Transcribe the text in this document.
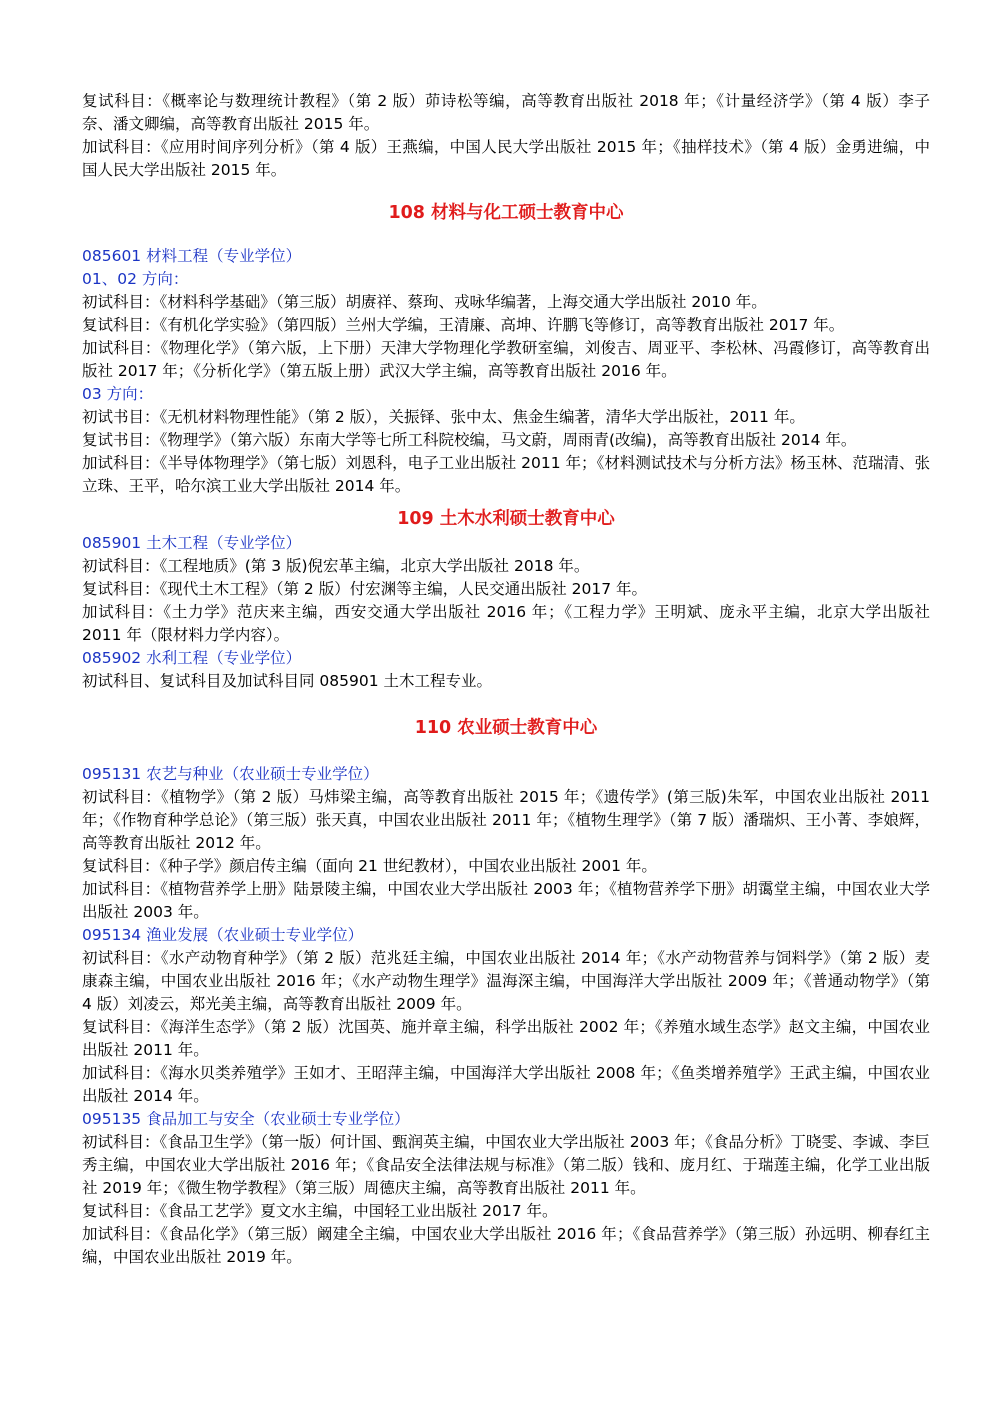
复试科目：《概率论与数理统计教程》（第 2 版）茆诗松等编，高等教育出版社 2018 年；《计量经济学》（第 4 版）李子奈、潘文卿编，高等教育出版社 2015 年。

加试科目：《应用时间序列分析》（第 4 版）王燕编，中国人民大学出版社 2015 年；《抽样技术》（第 4 版）金勇进编，中国人民大学出版社 2015 年。

108 材料与化工硕士教育中心

085601 材料工程（专业学位）

01、02 方向：

初试科目：《材料科学基础》（第三版）胡赓祥、蔡珣、戎咏华编著，上海交通大学出版社 2010 年。

复试科目：《有机化学实验》（第四版）兰州大学编，王清廉、高坤、许鹏飞等修订，高等教育出版社 2017 年。

加试科目：《物理化学》（第六版，上下册）天津大学物理化学教研室编，刘俊吉、周亚平、李松林、冯霞修订，高等教育出版社 2017 年；《分析化学》（第五版上册）武汉大学主编，高等教育出版社 2016 年。

03 方向：

初试书目：《无机材料物理性能》（第 2 版），关振铎、张中太、焦金生编著，清华大学出版社，2011 年。

复试书目：《物理学》（第六版）东南大学等七所工科院校编，马文蔚，周雨青(改编)，高等教育出版社 2014 年。

加试科目：《半导体物理学》（第七版）刘恩科，电子工业出版社 2011 年；《材料测试技术与分析方法》杨玉林、范瑞清、张立珠、王平，哈尔滨工业大学出版社 2014 年。

109 土木水利硕士教育中心

085901 土木工程（专业学位）

初试科目：《工程地质》(第 3 版)倪宏革主编，北京大学出版社 2018 年。

复试科目：《现代土木工程》（第 2 版）付宏渊等主编，人民交通出版社 2017 年。

加试科目：《土力学》范庆来主编，西安交通大学出版社 2016 年；《工程力学》王明斌、庞永平主编，北京大学出版社 2011 年（限材料力学内容）。

085902 水利工程（专业学位）

初试科目、复试科目及加试科目同 085901 土木工程专业。

110 农业硕士教育中心

095131 农艺与种业（农业硕士专业学位）

初试科目：《植物学》（第 2 版）马炜梁主编，高等教育出版社 2015 年；《遗传学》(第三版)朱军，中国农业出版社 2011 年；《作物育种学总论》（第三版）张天真，中国农业出版社 2011 年；《植物生理学》（第 7 版）潘瑞炽、王小菁、李娘辉，高等教育出版社 2012 年。

复试科目：《种子学》颜启传主编（面向 21 世纪教材），中国农业出版社 2001 年。

加试科目：《植物营养学上册》陆景陵主编，中国农业大学出版社 2003 年；《植物营养学下册》胡霭堂主编，中国农业大学出版社 2003 年。

095134 渔业发展（农业硕士专业学位）

初试科目：《水产动物育种学》（第 2 版）范兆廷主编，中国农业出版社 2014 年；《水产动物营养与饲料学》（第 2 版）麦康森主编，中国农业出版社 2016 年；《水产动物生理学》温海深主编，中国海洋大学出版社 2009 年；《普通动物学》（第 4 版）刘凌云，郑光美主编，高等教育出版社 2009 年。

复试科目：《海洋生态学》（第 2 版）沈国英、施并章主编，科学出版社 2002 年；《养殖水域生态学》赵文主编，中国农业出版社 2011 年。

加试科目：《海水贝类养殖学》王如才、王昭萍主编，中国海洋大学出版社 2008 年；《鱼类增养殖学》王武主编，中国农业出版社 2014 年。

095135 食品加工与安全（农业硕士专业学位）

初试科目：《食品卫生学》（第一版）何计国、甄润英主编，中国农业大学出版社 2003 年；《食品分析》丁晓雯、李诚、李巨秀主编，中国农业大学出版社 2016 年；《食品安全法律法规与标准》（第二版）钱和、庞月红、于瑞莲主编，化学工业出版社 2019 年；《微生物学教程》（第三版）周德庆主编，高等教育出版社 2011 年。

复试科目：《食品工艺学》夏文水主编，中国轻工业出版社 2017 年。

加试科目：《食品化学》（第三版）阚建全主编，中国农业大学出版社 2016 年；《食品营养学》（第三版）孙远明、柳春红主编，中国农业出版社 2019 年。
